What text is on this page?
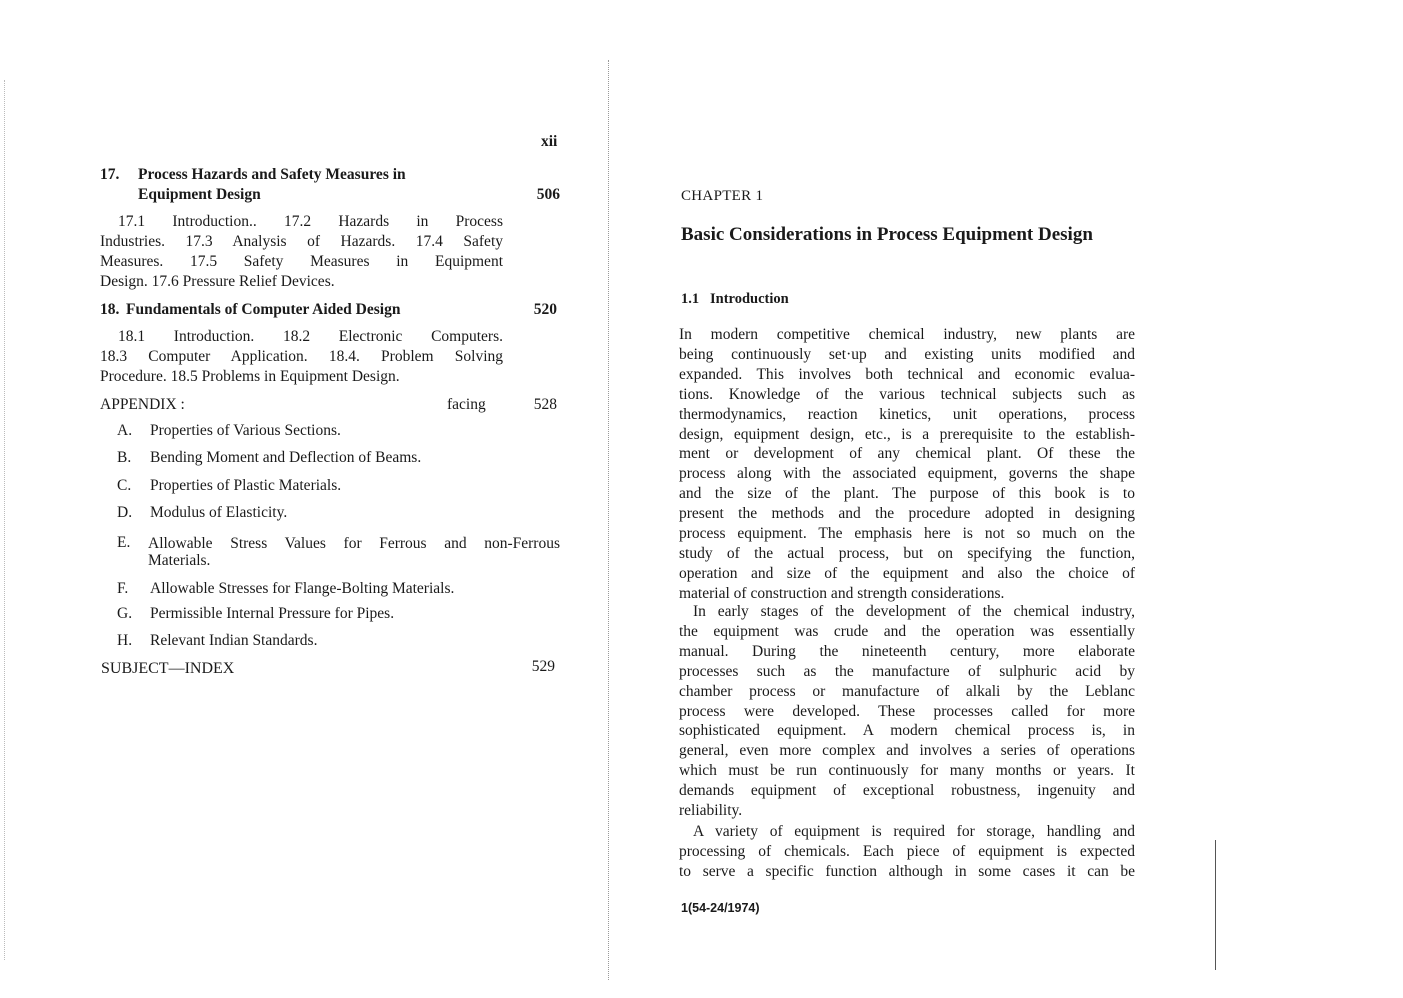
xii
17. Process Hazards and Safety Measures in
Equipment Design	506
17.1 Introduction.. 17.2 Hazards in Process
Industries. 17.3 Analysis of Hazards. 17.4 Safety
Measures. 17.5 Safety Measures in Equipment
Design. 17.6 Pressure Relief Devices.
18. Fundamentals of Computer Aided Design	520
18.1 Introduction. 18.2 Electronic Computers.
18.3 Computer Application. 18.4. Problem Solving
Procedure. 18.5 Problems in Equipment Design.
APPENDIX :	facing	528
A. Properties of Various Sections.
B. Bending Moment and Deflection of Beams.
C. Properties of Plastic Materials.
D. Modulus of Elasticity.
E. Allowable Stress Values for Ferrous and non-Ferrous
Materials.
F. Allowable Stresses for Flange-Bolting Materials.
G. Permissible Internal Pressure for Pipes.
H. Relevant Indian Standards.
SUBJECT—INDEX	529
CHAPTER 1
Basic Considerations in Process Equipment Design
1.1   Introduction
In modern competitive chemical industry, new plants are
being continuously set·up and existing units modified and
expanded. This involves both technical and economic evalua-
tions. Knowledge of the various technical subjects such as
thermodynamics, reaction kinetics, unit operations, process
design, equipment design, etc., is a prerequisite to the establish-
ment or development of any chemical plant. Of these the
process along with the associated equipment, governs the shape
and the size of the plant. The purpose of this book is to
present the methods and the procedure adopted in designing
process equipment. The emphasis here is not so much on the
study of the actual process, but on specifying the function,
operation and size of the equipment and also the choice of
material of construction and strength considerations.
In early stages of the development of the chemical industry,
the equipment was crude and the operation was essentially
manual. During the nineteenth century, more elaborate
processes such as the manufacture of sulphuric acid by
chamber process or manufacture of alkali by the Leblanc
process were developed. These processes called for more
sophisticated equipment. A modern chemical process is, in
general, even more complex and involves a series of operations
which must be run continuously for many months or years. It
demands equipment of exceptional robustness, ingenuity and
reliability.
A variety of equipment is required for storage, handling and
processing of chemicals. Each piece of equipment is expected
to serve a specific function although in some cases it can be
1(54-24/1974)
